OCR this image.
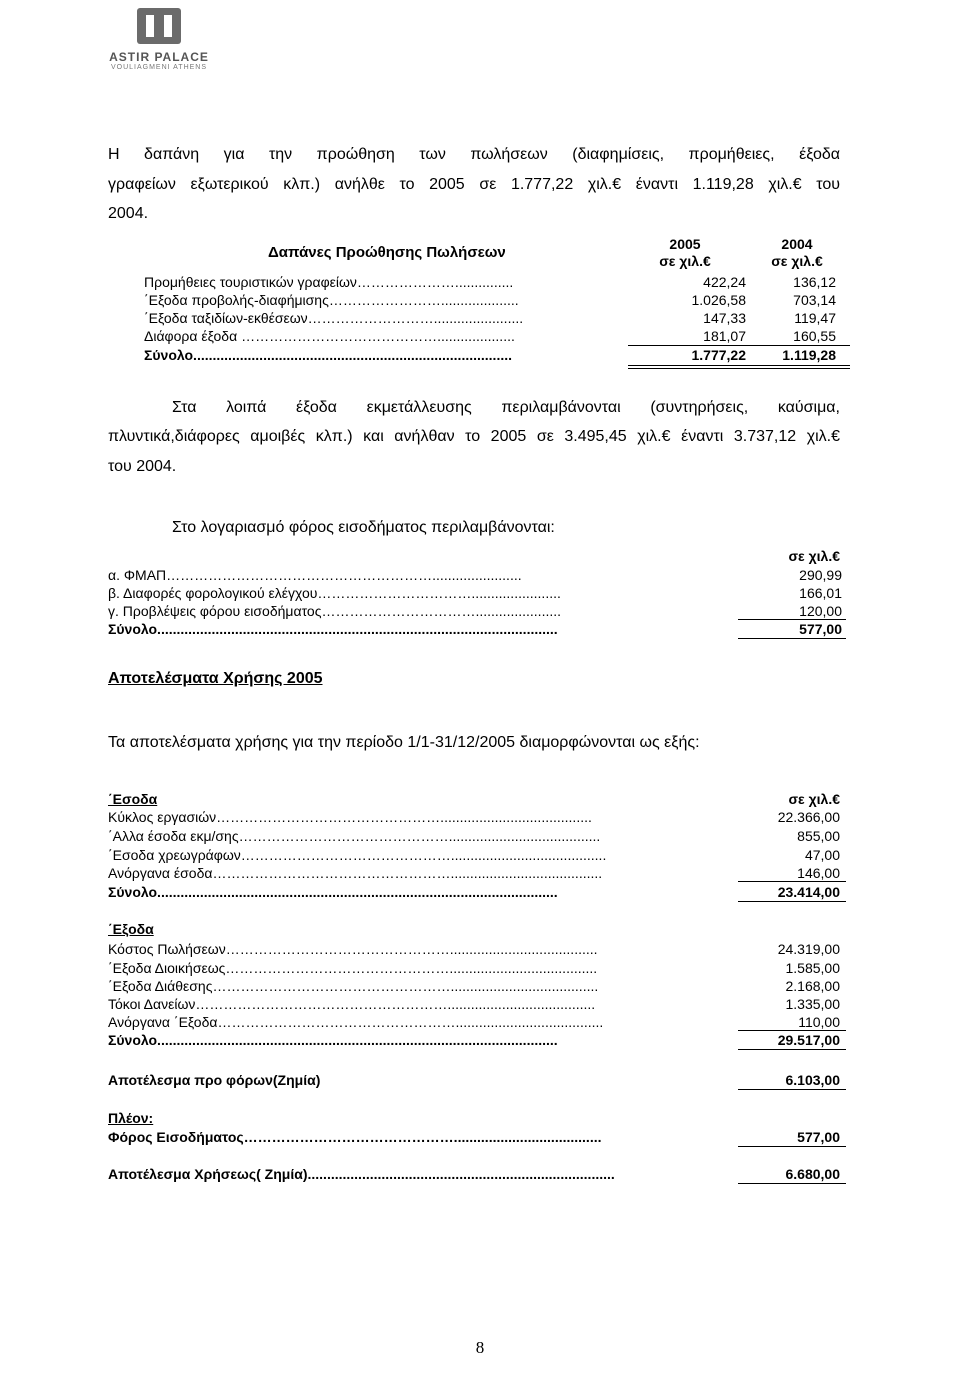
ASTIR PALACE
VOULIAGMENI ATHENS
Η δαπάνη για την προώθηση των πωλήσεων (διαφημίσεις, προμήθειες, έξοδα
γραφείων εξωτερικού κλπ.) ανήλθε το 2005 σε 1.777,22 χιλ.€ έναντι 1.119,28 χιλ.€ του
2004.
Δαπάνες Προώθησης Πωλήσεων	2005	2004
σε χιλ.€	σε χιλ.€
Προμήθειες τουριστικών γραφείων…………………...............	422,24	136,12
΄Εξοδα προβολής-διαφήμισης……………………....................	1.026,58	703,14
΄Εξοδα ταξιδίων-εκθέσεων……………………….......................	147,33	119,47
Διάφορα έξοδα ……………………………………....................	181,07	160,55
Σύνολο..................................................................................	1.777,22	1.119,28
Στα λοιπά έξοδα εκμετάλλευσης περιλαμβάνονται (συντηρήσεις, καύσιμα,
πλυντικά,διάφορες αμοιβές κλπ.) και ανήλθαν το 2005 σε 3.495,45 χιλ.€ έναντι 3.737,12 χιλ.€
του 2004.
Στο λογαριασμό φόρος εισοδήματος περιλαμβάνονται:
σε χιλ.€
α. ΦΜΑΠ………………………………………………….......................	290,99
β. Διαφορές φορολογικού ελέγχου…………………………….......................	166,01
γ. Προβλέψεις φόρου εισοδήματος……………………………......................	120,00
Σύνολο.......................................................................................................	577,00
Αποτελέσματα Χρήσης 2005
Τα αποτελέσματα χρήσης για την περίοδο 1/1-31/12/2005 διαμορφώνονται ως εξής:
΄Εσοδα	σε χιλ.€
Κύκλος εργασιών………………………………………….......................................	22.366,00
΄Αλλα έσοδα εκμ/σης……………………………………….......................................	855,00
΄Εσοδα χρεωγράφων………………………………………........................................	47,00
Ανόργανα έσοδα…………………………………………….......................................	146,00
Σύνολο.......................................................................................................	23.414,00
΄Εξοδα
Κόστος Πωλήσεων…………………………………………......................................	24.319,00
΄Εξοδα Διοικήσεως…………………………………………......................................	1.585,00
΄Εξοδα Διάθεσης……………………………………………......................................	2.168,00
Τόκοι Δανείων………………………………………………......................................	1.335,00
Ανόργανα ΄Εξοδα……………………………………………......................................	110,00
Σύνολο.......................................................................................................	29.517,00
Αποτέλεσμα προ φόρων(Ζημία)	6.103,00
Πλέον:
Φόρος Εισοδήματος………………………………………......................................	577,00
Αποτέλεσμα Χρήσεως( Ζημία)...............................................................................	6.680,00
8
